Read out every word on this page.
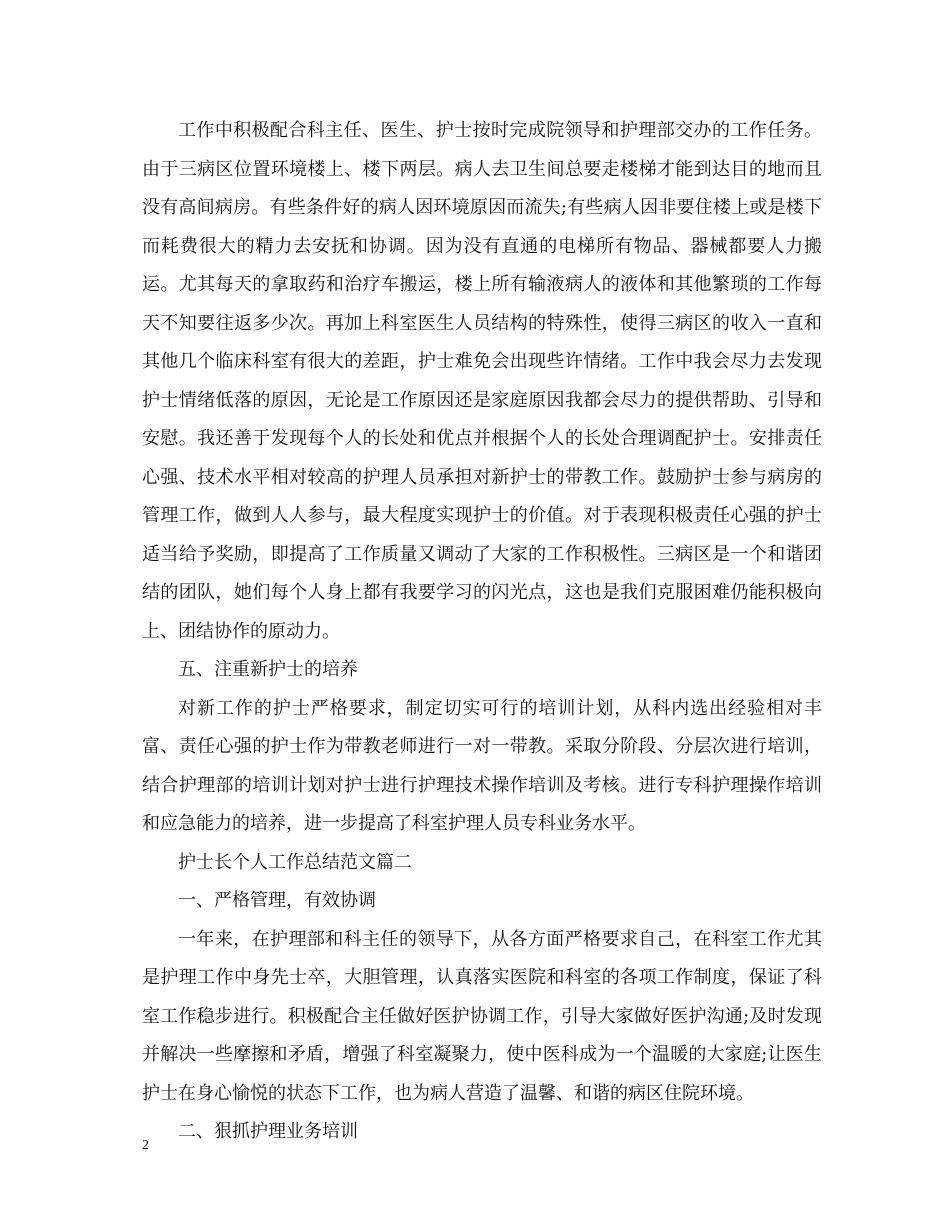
工作中积极配合科主任、医生、护士按时完成院领导和护理部交办的工作任务。由于三病区位置环境楼上、楼下两层。病人去卫生间总要走楼梯才能到达目的地而且没有高间病房。有些条件好的病人因环境原因而流失;有些病人因非要住楼上或是楼下而耗费很大的精力去安抚和协调。因为没有直通的电梯所有物品、器械都要人力搬运。尤其每天的拿取药和治疗车搬运，楼上所有输液病人的液体和其他繁琐的工作每天不知要往返多少次。再加上科室医生人员结构的特殊性，使得三病区的收入一直和其他几个临床科室有很大的差距，护士难免会出现些许情绪。工作中我会尽力去发现护士情绪低落的原因，无论是工作原因还是家庭原因我都会尽力的提供帮助、引导和安慰。我还善于发现每个人的长处和优点并根据个人的长处合理调配护士。安排责任心强、技术水平相对较高的护理人员承担对新护士的带教工作。鼓励护士参与病房的管理工作，做到人人参与，最大程度实现护士的价值。对于表现积极责任心强的护士适当给予奖励，即提高了工作质量又调动了大家的工作积极性。三病区是一个和谐团结的团队，她们每个人身上都有我要学习的闪光点，这也是我们克服困难仍能积极向上、团结协作的原动力。

五、注重新护士的培养

对新工作的护士严格要求，制定切实可行的培训计划，从科内选出经验相对丰富、责任心强的护士作为带教老师进行一对一带教。采取分阶段、分层次进行培训，结合护理部的培训计划对护士进行护理技术操作培训及考核。进行专科护理操作培训和应急能力的培养，进一步提高了科室护理人员专科业务水平。

护士长个人工作总结范文篇二

一、严格管理，有效协调

一年来，在护理部和科主任的领导下，从各方面严格要求自己，在科室工作尤其是护理工作中身先士卒，大胆管理，认真落实医院和科室的各项工作制度，保证了科室工作稳步进行。积极配合主任做好医护协调工作，引导大家做好医护沟通;及时发现并解决一些摩擦和矛盾，增强了科室凝聚力，使中医科成为一个温暖的大家庭;让医生护士在身心愉悦的状态下工作，也为病人营造了温馨、和谐的病区住院环境。

二、狠抓护理业务培训

2
